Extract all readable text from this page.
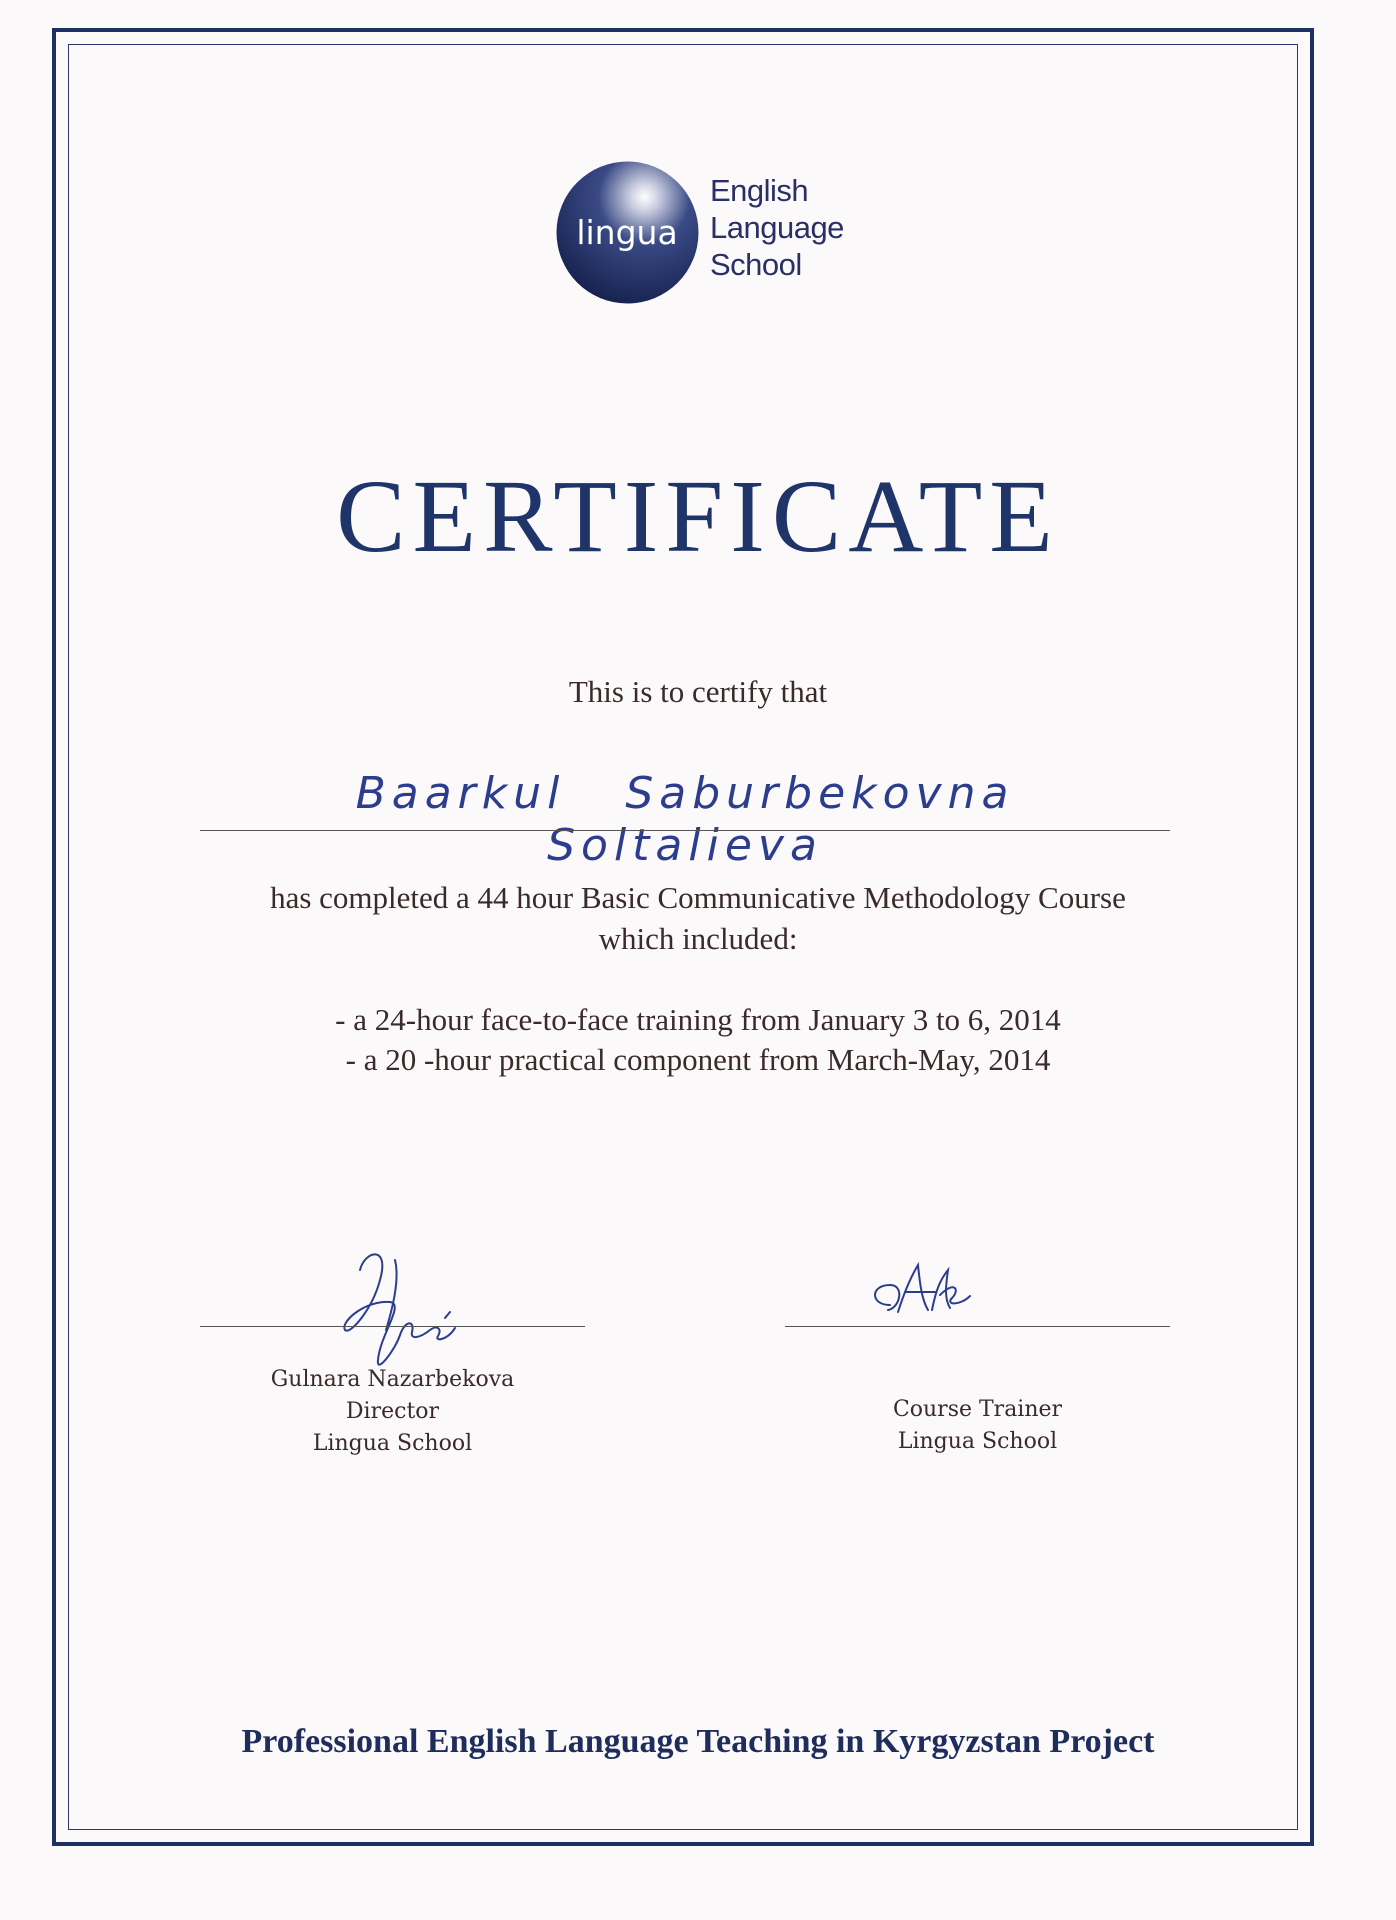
lingua
English
Language
School
CERTIFICATE
This is to certify that
Baarkul Saburbekovna Soltalieva
has completed a 44 hour Basic Communicative Methodology Course
which included:
- a 24-hour face-to-face training from January 3 to 6, 2014
- a 20 -hour practical component from March-May, 2014
Gulnara Nazarbekova
Director
Lingua School
Course Trainer
Lingua School
Professional English Language Teaching in Kyrgyzstan Project
